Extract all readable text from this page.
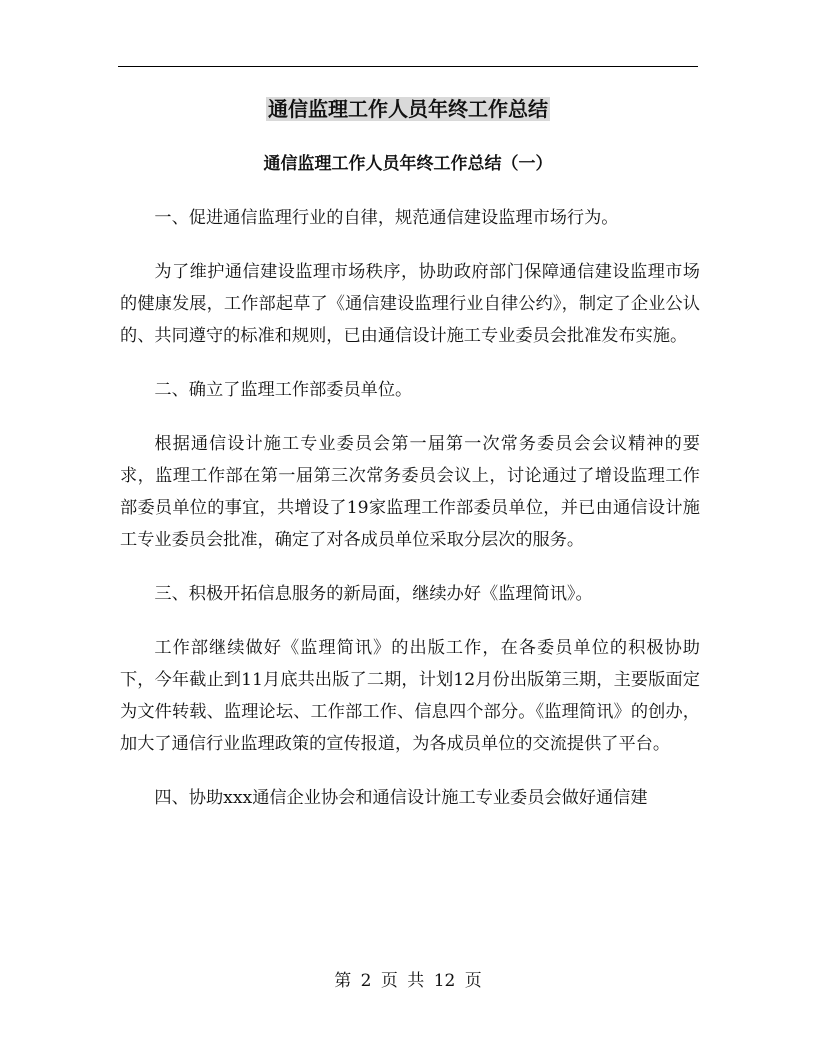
通信监理工作人员年终工作总结
通信监理工作人员年终工作总结（一）

一、促进通信监理行业的自律，规范通信建设监理市场行为。

为了维护通信建设监理市场秩序，协助政府部门保障通信建设监理市场的健康发展，工作部起草了《通信建设监理行业自律公约》，制定了企业公认的、共同遵守的标准和规则，已由通信设计施工专业委员会批准发布实施。

二、确立了监理工作部委员单位。

根据通信设计施工专业委员会第一届第一次常务委员会会议精神的要求，监理工作部在第一届第三次常务委员会议上，讨论通过了增设监理工作部委员单位的事宜，共增设了19家监理工作部委员单位，并已由通信设计施工专业委员会批准，确定了对各成员单位采取分层次的服务。

三、积极开拓信息服务的新局面，继续办好《监理简讯》。

工作部继续做好《监理简讯》的出版工作，在各委员单位的积极协助下，今年截止到11月底共出版了二期，计划12月份出版第三期，主要版面定为文件转载、监理论坛、工作部工作、信息四个部分。《监理简讯》的创办，加大了通信行业监理政策的宣传报道，为各成员单位的交流提供了平台。

四、协助xxx通信企业协会和通信设计施工专业委员会做好通信建

第 2 页 共 12 页
